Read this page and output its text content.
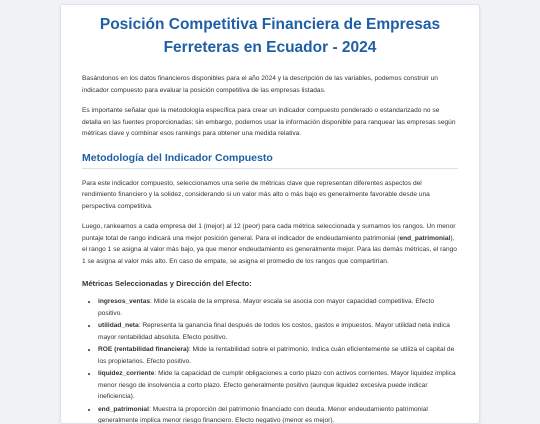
Posición Competitiva Financiera de Empresas Ferreteras en Ecuador - 2024

Basándonos en los datos financieros disponibles para el año 2024 y la descripción de las variables, podemos construir un indicador compuesto para evaluar la posición competitiva de las empresas listadas.

Es importante señalar que la metodología específica para crear un indicador compuesto ponderado o estandarizado no se detalla en las fuentes proporcionadas; sin embargo, podemos usar la información disponible para ranquear las empresas según métricas clave y combinar esos rankings para obtener una medida relativa.

Metodología del Indicador Compuesto

Para este indicador compuesto, seleccionamos una serie de métricas clave que representan diferentes aspectos del rendimiento financiero y la solidez, considerando si un valor más alto o más bajo es generalmente favorable desde una perspectiva competitiva.

Luego, rankeamos a cada empresa del 1 (mejor) al 12 (peor) para cada métrica seleccionada y sumamos los rangos. Un menor puntaje total de rango indicará una mejor posición general. Para el indicador de endeudamiento patrimonial (end_patrimonial), el rango 1 se asigna al valor más bajo, ya que menor endeudamiento es generalmente mejor. Para las demás métricas, el rango 1 se asigna al valor más alto. En caso de empate, se asigna el promedio de los rangos que compartirían.

Métricas Seleccionadas y Dirección del Efecto:
• ingresos_ventas: Mide la escala de la empresa. Mayor escala se asocia con mayor capacidad competitiva. Efecto positivo.
• utilidad_neta: Representa la ganancia final después de todos los costos, gastos e impuestos. Mayor utilidad neta indica mayor rentabilidad absoluta. Efecto positivo.
• ROE (rentabilidad financiera): Mide la rentabilidad sobre el patrimonio. Indica cuán eficientemente se utiliza el capital de los propietarios. Efecto positivo.
• liquidez_corriente: Mide la capacidad de cumplir obligaciones a corto plazo con activos corrientes. Mayor liquidez implica menor riesgo de insolvencia a corto plazo. Efecto generalmente positivo (aunque liquidez excesiva puede indicar ineficiencia).
• end_patrimonial: Muestra la proporción del patrimonio financiado con deuda. Menor endeudamiento patrimonial generalmente implica menor riesgo financiero. Efecto negativo (menor es mejor).
